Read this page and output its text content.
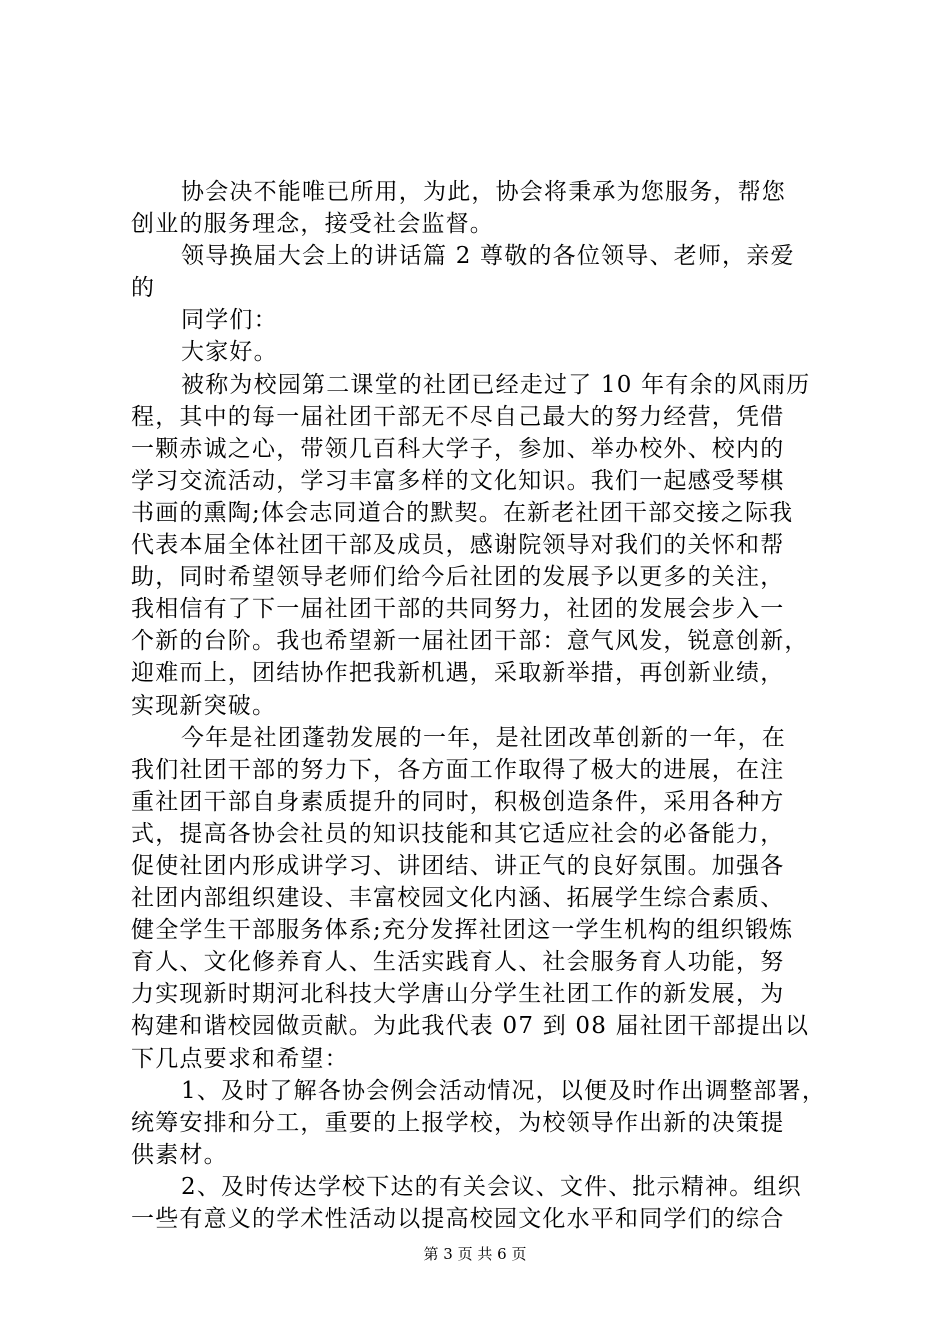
协会决不能唯已所用，为此，协会将秉承为您服务，帮您
创业的服务理念，接受社会监督。
领导换届大会上的讲话篇 2 尊敬的各位领导、老师，亲爱
的
同学们：
大家好。
被称为校园第二课堂的社团已经走过了 10 年有余的风雨历
程，其中的每一届社团干部无不尽自己最大的努力经营，凭借
一颗赤诚之心，带领几百科大学子，参加、举办校外、校内的
学习交流活动，学习丰富多样的文化知识。我们一起感受琴棋
书画的熏陶;体会志同道合的默契。在新老社团干部交接之际我
代表本届全体社团干部及成员，感谢院领导对我们的关怀和帮
助，同时希望领导老师们给今后社团的发展予以更多的关注，
我相信有了下一届社团干部的共同努力，社团的发展会步入一
个新的台阶。我也希望新一届社团干部：意气风发，锐意创新，
迎难而上，团结协作把我新机遇，采取新举措，再创新业绩，
实现新突破。
今年是社团蓬勃发展的一年，是社团改革创新的一年，在
我们社团干部的努力下，各方面工作取得了极大的进展，在注
重社团干部自身素质提升的同时，积极创造条件，采用各种方
式，提高各协会社员的知识技能和其它适应社会的必备能力，
促使社团内形成讲学习、讲团结、讲正气的良好氛围。加强各
社团内部组织建设、丰富校园文化内涵、拓展学生综合素质、
健全学生干部服务体系;充分发挥社团这一学生机构的组织锻炼
育人、文化修养育人、生活实践育人、社会服务育人功能，努
力实现新时期河北科技大学唐山分学生社团工作的新发展，为
构建和谐校园做贡献。为此我代表 07 到 08 届社团干部提出以
下几点要求和希望：
1、及时了解各协会例会活动情况，以便及时作出调整部署，
统筹安排和分工，重要的上报学校，为校领导作出新的决策提
供素材。
2、及时传达学校下达的有关会议、文件、批示精神。组织
一些有意义的学术性活动以提高校园文化水平和同学们的综合
第 3 页 共 6 页
